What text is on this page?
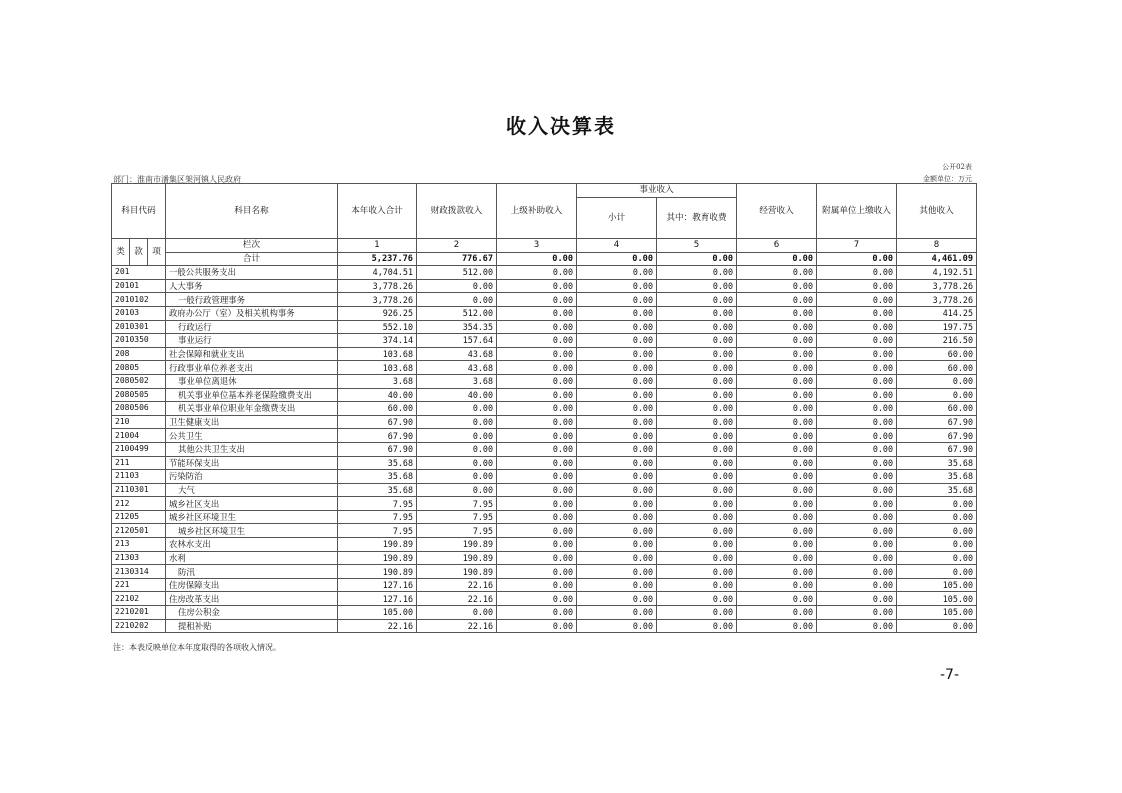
收入决算表
公开02表
部门：淮南市潘集区架河镇人民政府	金额单位：万元
科目代码			科目名称	本年收入合计	财政拨款收入	上级补助收入	事业收入		经营收入	附属单位上缴收入	其他收入
							小计	其中：教育收费			
类	款	项	栏次	1	2	3	4	5	6	7	8
			合计	5,237.76	776.67	0.00	0.00	0.00	0.00	0.00	4,461.09
201			一般公共服务支出	4,704.51	512.00	0.00	0.00	0.00	0.00	0.00	4,192.51
20101			人大事务	3,778.26	0.00	0.00	0.00	0.00	0.00	0.00	3,778.26
2010102			一般行政管理事务	3,778.26	0.00	0.00	0.00	0.00	0.00	0.00	3,778.26
20103			政府办公厅（室）及相关机构事务	926.25	512.00	0.00	0.00	0.00	0.00	0.00	414.25
2010301			行政运行	552.10	354.35	0.00	0.00	0.00	0.00	0.00	197.75
2010350			事业运行	374.14	157.64	0.00	0.00	0.00	0.00	0.00	216.50
208			社会保障和就业支出	103.68	43.68	0.00	0.00	0.00	0.00	0.00	60.00
20805			行政事业单位养老支出	103.68	43.68	0.00	0.00	0.00	0.00	0.00	60.00
2080502			事业单位离退休	3.68	3.68	0.00	0.00	0.00	0.00	0.00	0.00
2080505			机关事业单位基本养老保险缴费支出	40.00	40.00	0.00	0.00	0.00	0.00	0.00	0.00
2080506			机关事业单位职业年金缴费支出	60.00	0.00	0.00	0.00	0.00	0.00	0.00	60.00
210			卫生健康支出	67.90	0.00	0.00	0.00	0.00	0.00	0.00	67.90
21004			公共卫生	67.90	0.00	0.00	0.00	0.00	0.00	0.00	67.90
2100499			其他公共卫生支出	67.90	0.00	0.00	0.00	0.00	0.00	0.00	67.90
211			节能环保支出	35.68	0.00	0.00	0.00	0.00	0.00	0.00	35.68
21103			污染防治	35.68	0.00	0.00	0.00	0.00	0.00	0.00	35.68
2110301			大气	35.68	0.00	0.00	0.00	0.00	0.00	0.00	35.68
212			城乡社区支出	7.95	7.95	0.00	0.00	0.00	0.00	0.00	0.00
21205			城乡社区环境卫生	7.95	7.95	0.00	0.00	0.00	0.00	0.00	0.00
2120501			城乡社区环境卫生	7.95	7.95	0.00	0.00	0.00	0.00	0.00	0.00
213			农林水支出	190.89	190.89	0.00	0.00	0.00	0.00	0.00	0.00
21303			水利	190.89	190.89	0.00	0.00	0.00	0.00	0.00	0.00
2130314			防汛	190.89	190.89	0.00	0.00	0.00	0.00	0.00	0.00
221			住房保障支出	127.16	22.16	0.00	0.00	0.00	0.00	0.00	105.00
22102			住房改革支出	127.16	22.16	0.00	0.00	0.00	0.00	0.00	105.00
2210201			住房公积金	105.00	0.00	0.00	0.00	0.00	0.00	0.00	105.00
2210202			提租补贴	22.16	22.16	0.00	0.00	0.00	0.00	0.00	0.00
注：本表反映单位本年度取得的各项收入情况。
-7-
